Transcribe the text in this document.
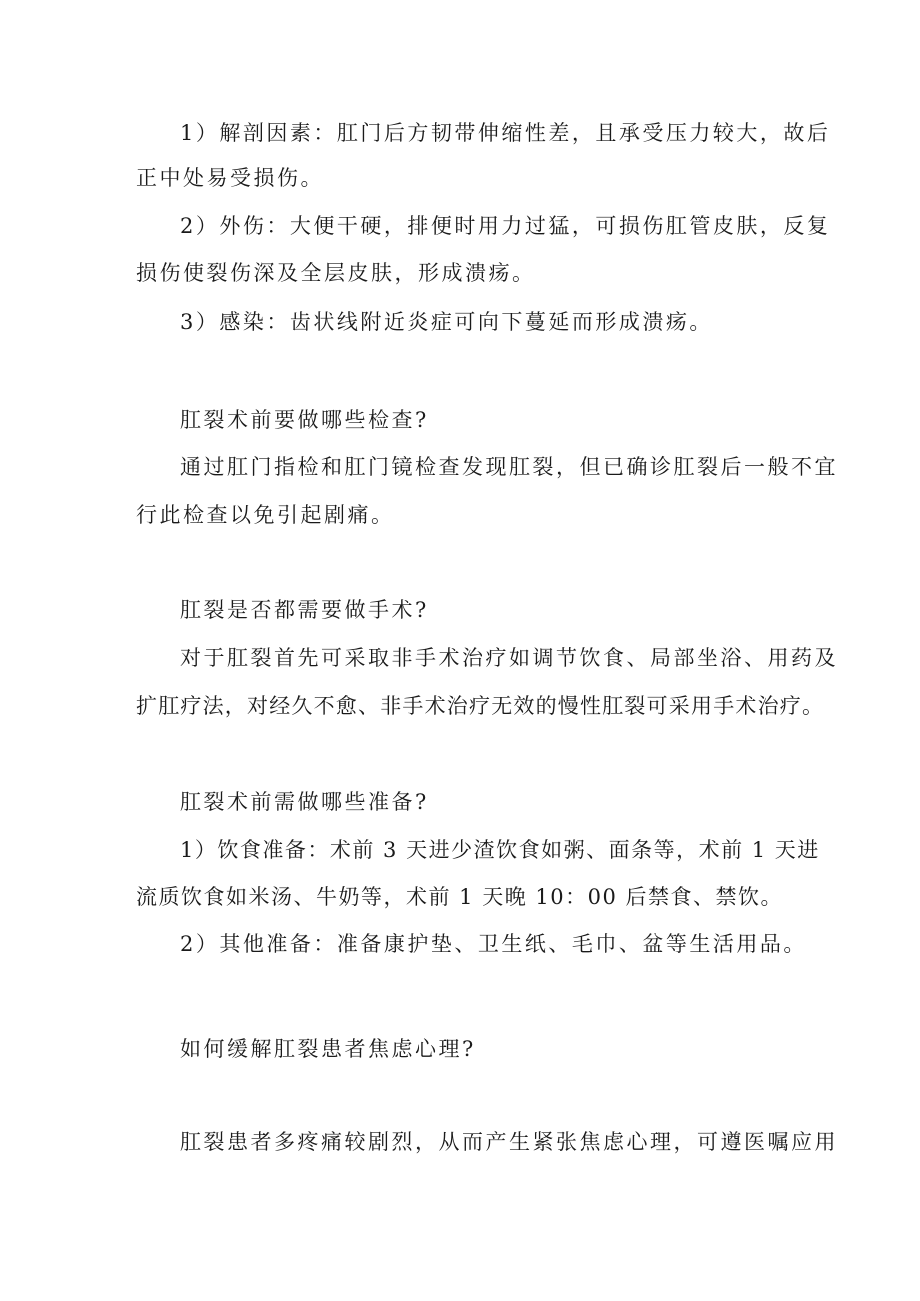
1）解剖因素：肛门后方韧带伸缩性差，且承受压力较大，故后
正中处易受损伤。
2）外伤：大便干硬，排便时用力过猛，可损伤肛管皮肤，反复
损伤使裂伤深及全层皮肤，形成溃疡。
3）感染：齿状线附近炎症可向下蔓延而形成溃疡。
肛裂术前要做哪些检查?
通过肛门指检和肛门镜检查发现肛裂，但已确诊肛裂后一般不宜
行此检查以免引起剧痛。
肛裂是否都需要做手术?
对于肛裂首先可采取非手术治疗如调节饮食、局部坐浴、用药及
扩肛疗法，对经久不愈、非手术治疗无效的慢性肛裂可采用手术治疗。
肛裂术前需做哪些准备?
1）饮食准备：术前 3 天进少渣饮食如粥、面条等，术前 1 天进
流质饮食如米汤、牛奶等，术前 1 天晚 10：00 后禁食、禁饮。
2）其他准备：准备康护垫、卫生纸、毛巾、盆等生活用品。
如何缓解肛裂患者焦虑心理?
肛裂患者多疼痛较剧烈，从而产生紧张焦虑心理，可遵医嘱应用
